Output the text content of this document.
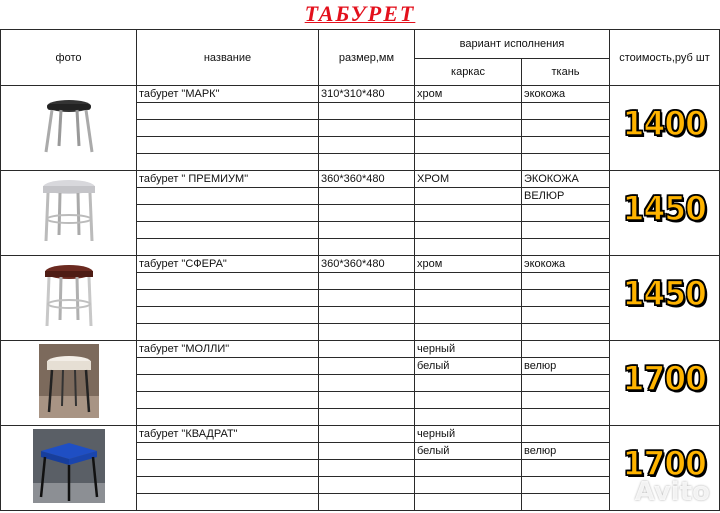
ТАБУРЕТ
фото	название	размер,мм	вариант исполнения		стоимость,руб шт
			каркас	ткань	

	табурет "МАРК"	310*310*480	хром	экокожа	1400

	табурет " ПРЕМИУМ"	360*360*480	ХРОМ	ЭКОКОЖА	1450
				ВЕЛЮР	

	табурет "СФЕРА"	360*360*480	хром	экокожа	1450

	табурет "МОЛЛИ"		черный		1700
			белый	велюр	

	табурет "КВАДРАТ"		черный		1700
			белый	велюр	

Avito
